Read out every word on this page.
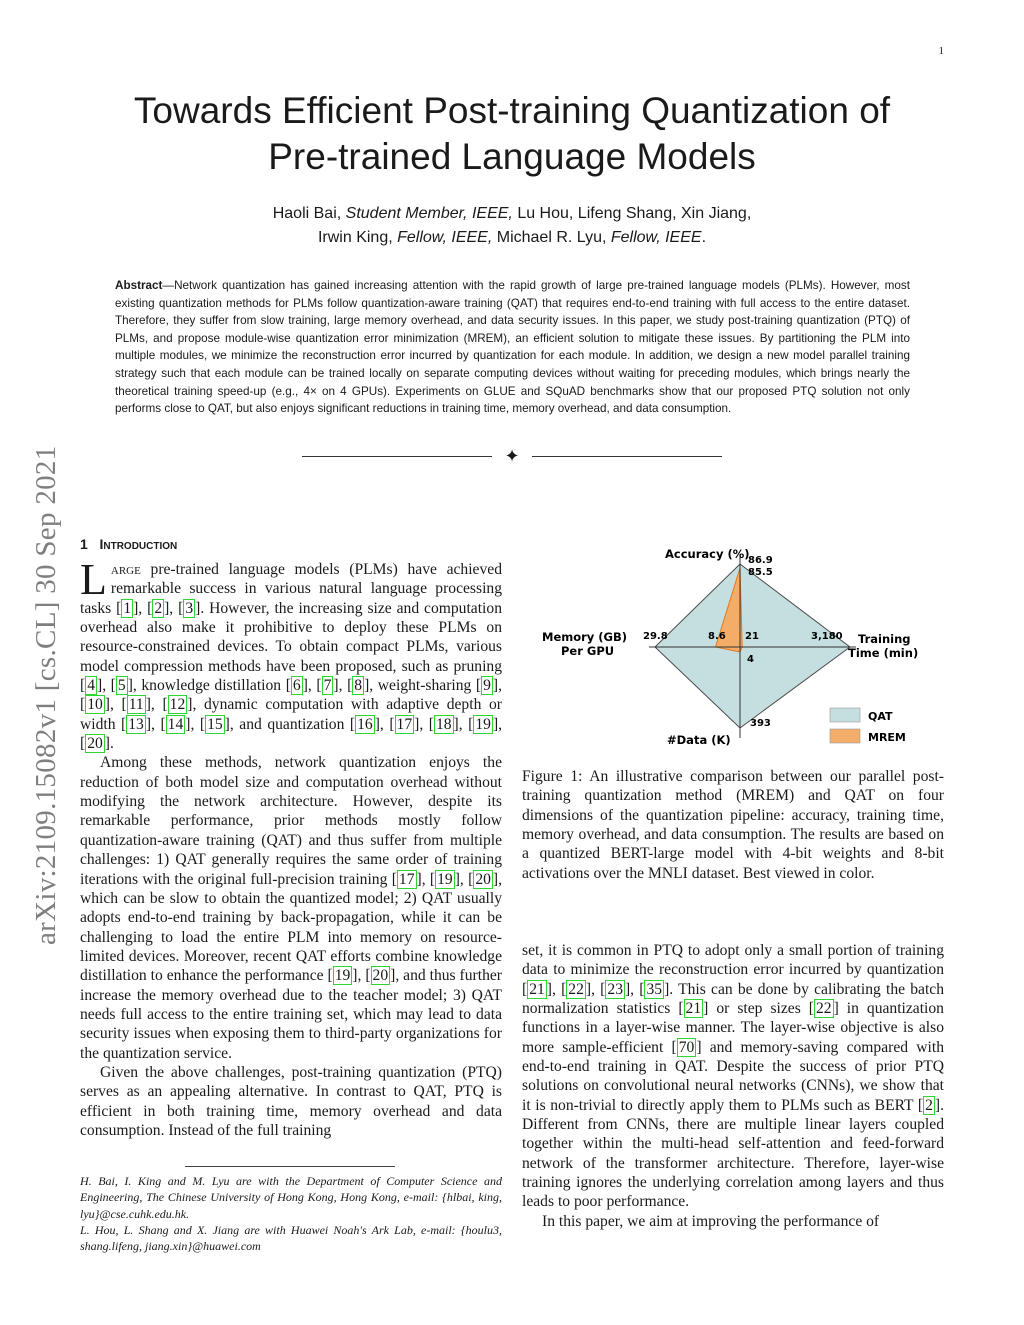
1
Towards Efficient Post-training Quantization of
Pre-trained Language Models
Haoli Bai, Student Member, IEEE, Lu Hou, Lifeng Shang, Xin Jiang,
Irwin King, Fellow, IEEE, Michael R. Lyu, Fellow, IEEE.
Abstract—Network quantization has gained increasing attention with the rapid growth of large pre-trained language models (PLMs). However, most existing quantization methods for PLMs follow quantization-aware training (QAT) that requires end-to-end training with full access to the entire dataset. Therefore, they suffer from slow training, large memory overhead, and data security issues. In this paper, we study post-training quantization (PTQ) of PLMs, and propose module-wise quantization error minimization (MREM), an efficient solution to mitigate these issues. By partitioning the PLM into multiple modules, we minimize the reconstruction error incurred by quantization for each module. In addition, we design a new model parallel training strategy such that each module can be trained locally on separate computing devices without waiting for preceding modules, which brings nearly the theoretical training speed-up (e.g., 4× on 4 GPUs). Experiments on GLUE and SQuAD benchmarks show that our proposed PTQ solution not only performs close to QAT, but also enjoys significant reductions in training time, memory overhead, and data consumption.
✦
arXiv:2109.15082v1 [cs.CL] 30 Sep 2021 1 Introduction

Large pre-trained language models (PLMs) have achieved remarkable success in various natural language processing tasks [ 1 ], [ 2 ], [ 3 ]. However, the increasing size and computation overhead also make it prohibitive to deploy these PLMs on resource-constrained devices. To obtain compact PLMs, various model compression methods have been proposed, such as pruning [ 4 ], [ 5 ], knowledge distillation [ 6 ], [ 7 ], [ 8 ], weight-sharing [ 9 ], [ 10 ], [ 11 ], [ 12 ], dynamic computation with adaptive depth or width [ 13 ], [ 14 ], [ 15 ], and quantization [ 16 ], [ 17 ], [ 18 ], [ 19 ], [ 20 ].

Among these methods, network quantization enjoys the reduction of both model size and computation overhead without modifying the network architecture. However, despite its remarkable performance, prior methods mostly follow quantization-aware training (QAT) and thus suffer from multiple challenges: 1) QAT generally requires the same order of training iterations with the original full-precision training [ 17 ], [ 19 ], [ 20 ], which can be slow to obtain the quantized model; 2) QAT usually adopts end-to-end training by back-propagation, while it can be challenging to load the entire PLM into memory on resource-limited devices. Moreover, recent QAT efforts combine knowledge distillation to enhance the performance [ 19 ], [ 20 ], and thus further increase the memory overhead due to the teacher model; 3) QAT needs full access to the entire training set, which may lead to data security issues when exposing them to third-party organizations for the quantization service.

Given the above challenges, post-training quantization (PTQ) serves as an appealing alternative. In contrast to QAT, PTQ is efficient in both training time, memory overhead and data consumption. Instead of the full training

H. Bai, I. King and M. Lyu are with the Department of Computer Science and Engineering, The Chinese University of Hong Kong, Hong Kong, e-mail: {hlbai, king, lyu}@cse.cuhk.edu.hk.

L. Hou, L. Shang and X. Jiang are with Huawei Noah's Ark Lab, e-mail: {houlu3, shang.lifeng, jiang.xin}@huawei.com

Accuracy (%)
86.9
85.5
Memory (GB)
Per GPU
29.8	8.6 21	3,180
4
Training
Time (min)
393
#Data (K)
QAT
MREM
Figure 1: An illustrative comparison between our parallel post-training quantization method (MREM) and QAT on four dimensions of the quantization pipeline: accuracy, training time, memory overhead, and data consumption. The results are based on a quantized BERT-large model with 4-bit weights and 8-bit activations over the MNLI dataset. Best viewed in color.

set, it is common in PTQ to adopt only a small portion of training data to minimize the reconstruction error incurred by quantization [ 21 ], [ 22 ], [ 23 ], [ 35 ]. This can be done by calibrating the batch normalization statistics [ 21 ] or step sizes [ 22 ] in quantization functions in a layer-wise manner. The layer-wise objective is also more sample-efficient [ 70 ] and memory-saving compared with end-to-end training in QAT. Despite the success of prior PTQ solutions on convolutional neural networks (CNNs), we show that it is non-trivial to directly apply them to PLMs such as BERT [ 2 ]. Different from CNNs, there are multiple linear layers coupled together within the multi-head self-attention and feed-forward network of the transformer architecture. Therefore, layer-wise training ignores the underlying correlation among layers and thus leads to poor performance.

In this paper, we aim at improving the performance of
